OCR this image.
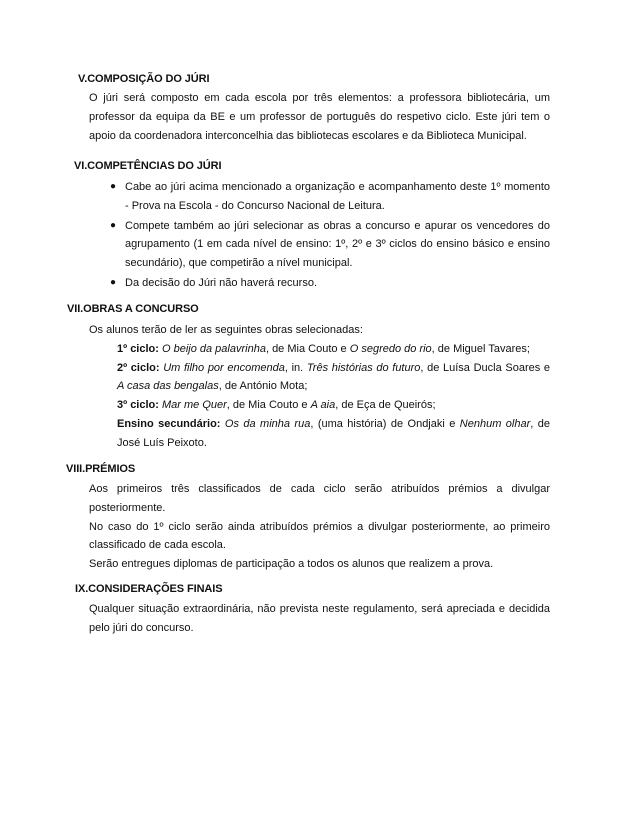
V.COMPOSIÇÃO DO JÚRI

O júri será composto em cada escola por três elementos: a professora bibliotecária, um professor da equipa da BE e um professor de português do respetivo ciclo. Este júri tem o apoio da coordenadora interconcelhia das bibliotecas escolares e da Biblioteca Municipal.

VI.COMPETÊNCIAS DO JÚRI
● Cabe ao júri acima mencionado a organização e acompanhamento deste 1º momento - Prova na Escola - do Concurso Nacional de Leitura.

● Compete também ao júri selecionar as obras a concurso e apurar os vencedores do agrupamento (1 em cada nível de ensino: 1º, 2º e 3º ciclos do ensino básico e ensino secundário), que competirão a nível municipal.

● Da decisão do Júri não haverá recurso.

VII.OBRAS A CONCURSO

Os alunos terão de ler as seguintes obras selecionadas:

1º ciclo: O beijo da palavrinha, de Mia Couto e O segredo do rio, de Miguel Tavares;

2º ciclo: Um filho por encomenda, in. Três histórias do futuro, de Luísa Ducla Soares e A casa das bengalas, de António Mota;

3º ciclo: Mar me Quer, de Mia Couto e A aia, de Eça de Queirós;

Ensino secundário: Os da minha rua, (uma história) de Ondjaki e Nenhum olhar, de José Luís Peixoto.

VIII.PRÉMIOS

Aos primeiros três classificados de cada ciclo serão atribuídos prémios a divulgar posteriormente.

No caso do 1º ciclo serão ainda atribuídos prémios a divulgar posteriormente, ao primeiro classificado de cada escola.

Serão entregues diplomas de participação a todos os alunos que realizem a prova.

IX.CONSIDERAÇÕES FINAIS

Qualquer situação extraordinária, não prevista neste regulamento, será apreciada e decidida pelo júri do concurso.
